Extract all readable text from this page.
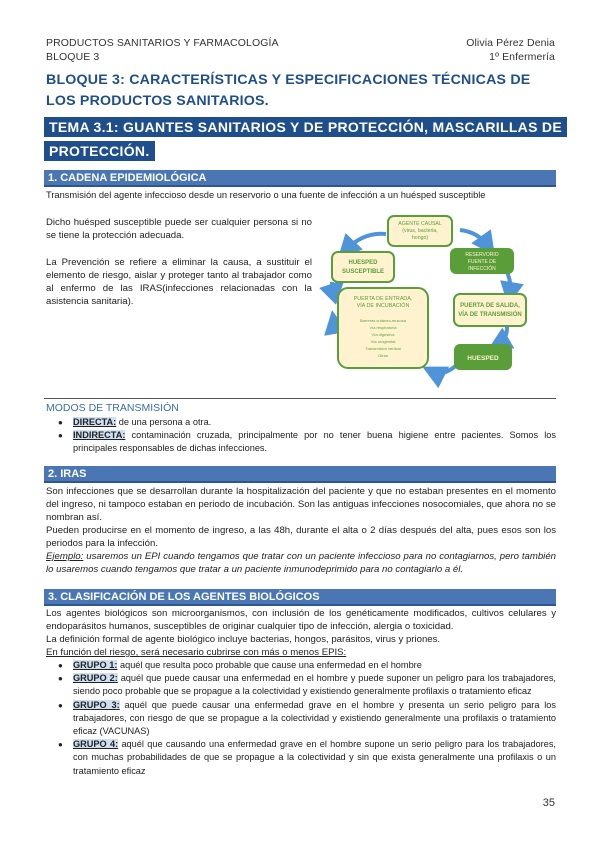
PRODUCTOS SANITARIOS Y FARMACOLOGÍA
BLOQUE 3
Olivia Pérez Denia
1º Enfermería
BLOQUE 3: CARACTERÍSTICAS Y ESPECIFICACIONES TÉCNICAS DE LOS PRODUCTOS SANITARIOS.
TEMA 3.1: GUANTES SANITARIOS Y DE PROTECCIÓN, MASCARILLAS DE
PROTECCIÓN.
1. CADENA EPIDEMIOLÓGICA
Transmisión del agente infeccioso desde un reservorio o una fuente de infección a un huésped susceptible
Dicho huésped susceptible puede ser cualquier persona si no se tiene la protección adecuada.
La Prevención se refiere a eliminar la causa, a sustituir el elemento de riesgo, aislar y proteger tanto al trabajador como al enfermo de las IRAS(infecciones relacionadas con la asistencia sanitaria).
AGENTE CAUSAL
(virus, bacteria,
hongo)
RESERVORIO
FUENTE DE
INFECCIÓN
HUESPED
SUSCEPTIBLE
PUERTA DE SALIDA,
VÍA DE TRANSMISIÓN
PUERTA DE ENTRADA,
VÍA DE INCUBACIÓN
Barreras cutáneo-mucosa
Vía respiratoria
Vía digestiva
Vía urogenital
Transmisión vertical
Otras	HUESPED
MODOS DE TRANSMISIÓN
● DIRECTA: de una persona a otra.
● INDIRECTA: contaminación cruzada, principalmente por no tener buena higiene entre pacientes. Somos los principales responsables de dichas infecciones.
2. IRAS
Son infecciones que se desarrollan durante la hospitalización del paciente y que no estaban presentes en el momento del ingreso, ni tampoco estaban en periodo de incubación. Son las antiguas infecciones nosocomiales, que ahora no se nombran así.
Pueden producirse en el momento de ingreso, a las 48h, durante el alta o 2 días después del alta, pues esos son los periodos para la infección.
Ejemplo: usaremos un EPI cuando tengamos que tratar con un paciente infeccioso para no contagiarnos, pero también lo usaremos cuando tengamos que tratar a un paciente inmunodeprimido para no contagiarlo a él.
3. CLASIFICACIÓN DE LOS AGENTES BIOLÓGICOS
Los agentes biológicos son microorganismos, con inclusión de los genéticamente modificados, cultivos celulares y endoparásitos humanos, susceptibles de originar cualquier tipo de infección, alergia o toxicidad.
La definición formal de agente biológico incluye bacterias, hongos, parásitos, virus y priones.
En función del riesgo, será necesario cubrirse con más o menos EPIS:
● GRUPO 1: aquél que resulta poco probable que cause una enfermedad en el hombre
● GRUPO 2: aquél que puede causar una enfermedad en el hombre y puede suponer un peligro para los trabajadores, siendo poco probable que se propague a la colectividad y existiendo generalmente profilaxis o tratamiento eficaz
● GRUPO 3: aquél que puede causar una enfermedad grave en el hombre y presenta un serio peligro para los trabajadores, con riesgo de que se propague a la colectividad y existiendo generalmente una profilaxis o tratamiento eficaz (VACUNAS)
● GRUPO 4: aquél que causando una enfermedad grave en el hombre supone un serio peligro para los trabajadores, con muchas probabilidades de que se propague a la colectividad y sin que exista generalmente una profilaxis o un tratamiento eficaz
35
